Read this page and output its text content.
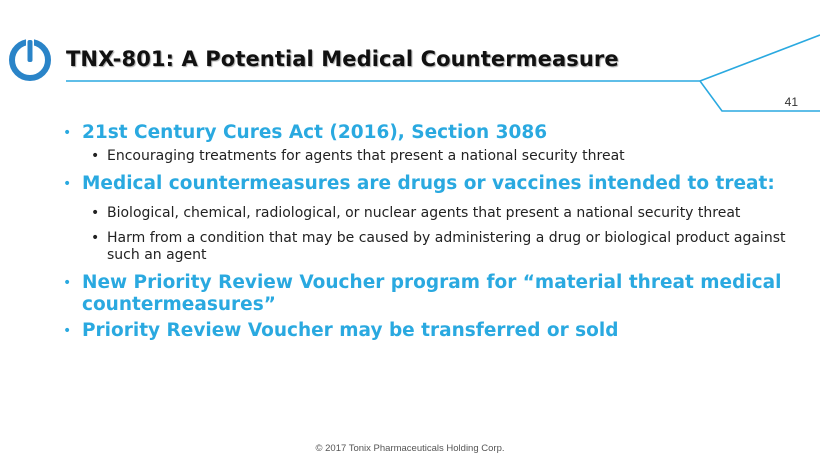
TNX-801: A Potential Medical Countermeasure
41
• 21st Century Cures Act (2016), Section 3086
• Encouraging treatments for agents that present a national security threat
• Medical countermeasures are drugs or vaccines intended to treat:
• Biological, chemical, radiological, or nuclear agents that present a national security threat
• Harm from a condition that may be caused by administering a drug or biological product against such an agent
• New Priority Review Voucher program for “material threat medical countermeasures”
• Priority Review Voucher may be transferred or sold
© 2017 Tonix Pharmaceuticals Holding Corp.
